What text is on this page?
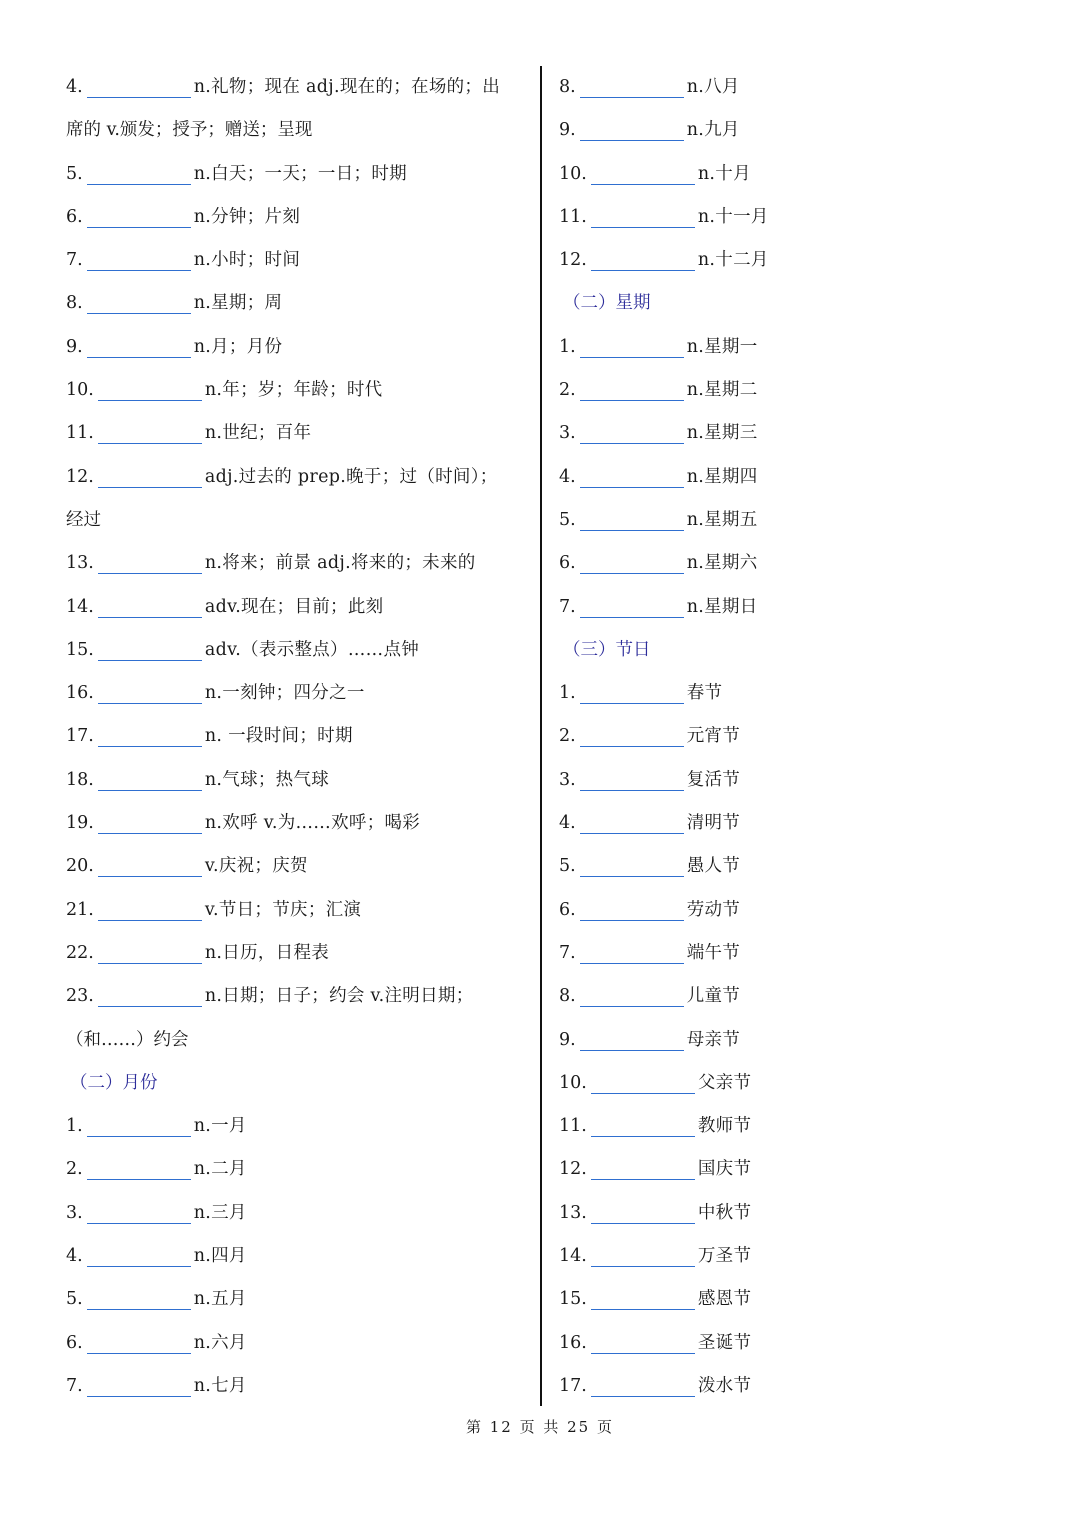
4.	n.礼物；现在 adj.现在的；在场的；出
席的 v.颁发；授予；赠送；呈现
5.	n.白天；一天；一日；时期
6.	n.分钟；片刻
7.	n.小时；时间
8.	n.星期；周
9.	n.月；月份
10.	n.年；岁；年龄；时代
11.	n.世纪；百年
12.	adj.过去的 prep.晚于；过（时间）；
经过
13.	n.将来；前景 adj.将来的；未来的
14.	adv.现在；目前；此刻
15.	adv.（表示整点）……点钟
16.	n.一刻钟；四分之一
17.	n. 一段时间；时期
18.	n.气球；热气球
19.	n.欢呼 v.为……欢呼；喝彩
20.	v.庆祝；庆贺
21.	v.节日；节庆；汇演
22.	n.日历，日程表
23.	n.日期；日子；约会 v.注明日期；
（和……）约会
（二）月份
1.	n.一月
2.	n.二月
3.	n.三月
4.	n.四月
5.	n.五月
6.	n.六月
7.	n.七月
8.	n.八月
9.	n.九月
10.	n.十月
11.	n.十一月
12.	n.十二月
（二）星期
1.	n.星期一
2.	n.星期二
3.	n.星期三
4.	n.星期四
5.	n.星期五
6.	n.星期六
7.	n.星期日
（三）节日
1.	春节
2.	元宵节
3.	复活节
4.	清明节
5.	愚人节
6.	劳动节
7.	端午节
8.	儿童节
9.	母亲节
10.	父亲节
11.	教师节
12.	国庆节
13.	中秋节
14.	万圣节
15.	感恩节
16.	圣诞节
17.	泼水节
第 12 页 共 25 页
